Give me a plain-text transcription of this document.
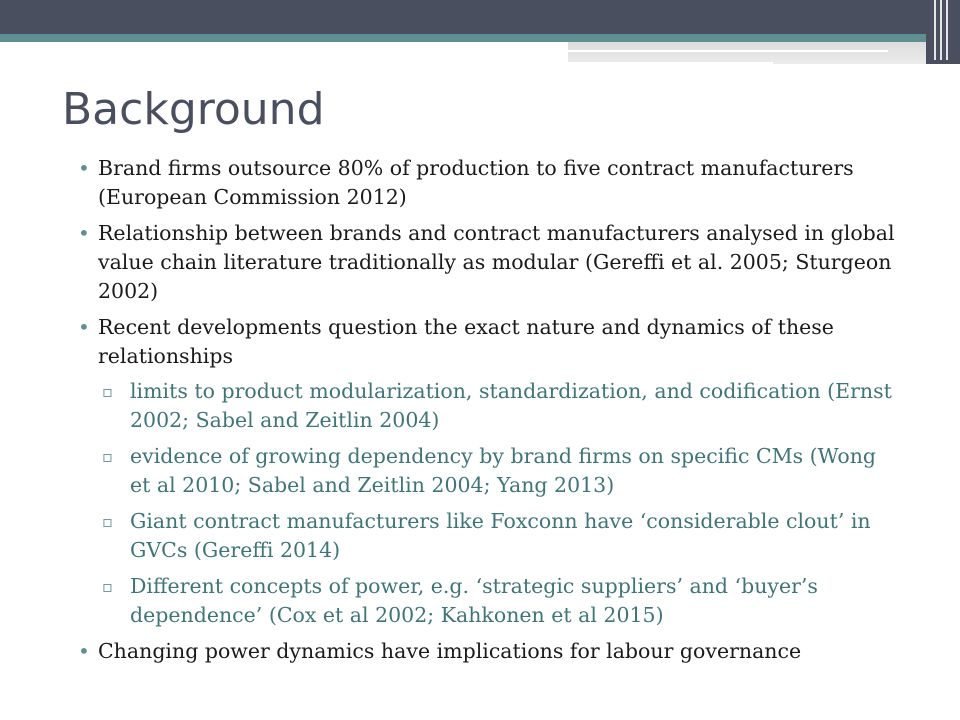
Background
• Brand firms outsource 80% of production to five contract manufacturers (European Commission 2012)
• Relationship between brands and contract manufacturers analysed in global value chain literature traditionally as modular (Gereffi et al. 2005; Sturgeon 2002)
• Recent developments question the exact nature and dynamics of these relationships
▫ limits to product modularization, standardization, and codification (Ernst 2002; Sabel and Zeitlin 2004)
▫ evidence of growing dependency by brand firms on specific CMs (Wong et al 2010; Sabel and Zeitlin 2004; Yang 2013)
▫ Giant contract manufacturers like Foxconn have ‘considerable clout’ in GVCs (Gereffi 2014)
▫ Different concepts of power, e.g. ‘strategic suppliers’ and ‘buyer’s dependence’ (Cox et al 2002; Kahkonen et al 2015)
• Changing power dynamics have implications for labour governance
